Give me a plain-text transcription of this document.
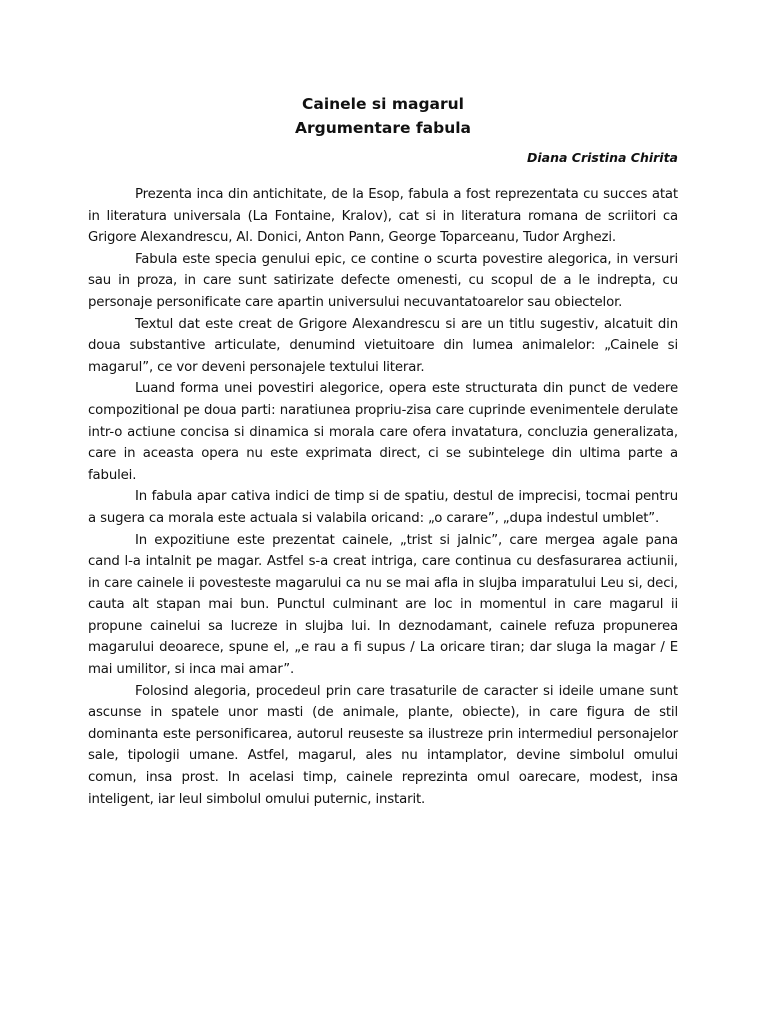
Cainele si magarul

Argumentare fabula

Diana Cristina Chirita

Prezenta inca din antichitate, de la Esop, fabula a fost reprezentata cu succes atat in literatura universala (La Fontaine, Kralov), cat si in literatura romana de scriitori ca Grigore Alexandrescu, Al. Donici, Anton Pann, George Toparceanu, Tudor Arghezi.

Fabula este specia genului epic, ce contine o scurta povestire alegorica, in versuri sau in proza, in care sunt satirizate defecte omenesti, cu scopul de a le indrepta, cu personaje personificate care apartin universului necuvantatoarelor sau obiectelor.

Textul dat este creat de Grigore Alexandrescu si are un titlu sugestiv, alcatuit din doua substantive articulate, denumind vietuitoare din lumea animalelor: „Cainele si magarul”, ce vor deveni personajele textului literar.

Luand forma unei povestiri alegorice, opera este structurata din punct de vedere compozitional pe doua parti: naratiunea propriu-zisa care cuprinde evenimentele derulate intr-o actiune concisa si dinamica si morala care ofera invatatura, concluzia generalizata, care in aceasta opera nu este exprimata direct, ci se subintelege din ultima parte a fabulei.

In fabula apar cativa indici de timp si de spatiu, destul de imprecisi, tocmai pentru a sugera ca morala este actuala si valabila oricand: „o carare”, „dupa indestul umblet”.

In expozitiune este prezentat cainele, „trist si jalnic”, care mergea agale pana cand l-a intalnit pe magar. Astfel s-a creat intriga, care continua cu desfasurarea actiunii, in care cainele ii povesteste magarului ca nu se mai afla in slujba imparatului Leu si, deci, cauta alt stapan mai bun. Punctul culminant are loc in momentul in care magarul ii propune cainelui sa lucreze in slujba lui. In deznodamant, cainele refuza propunerea magarului deoarece, spune el, „e rau a fi supus / La oricare tiran; dar sluga la magar / E mai umilitor, si inca mai amar”.

Folosind alegoria, procedeul prin care trasaturile de caracter si ideile umane sunt ascunse in spatele unor masti (de animale, plante, obiecte), in care figura de stil dominanta este personificarea, autorul reuseste sa ilustreze prin intermediul personajelor sale, tipologii umane. Astfel, magarul, ales nu intamplator, devine simbolul omului comun, insa prost. In acelasi timp, cainele reprezinta omul oarecare, modest, insa inteligent, iar leul simbolul omului puternic, instarit.
